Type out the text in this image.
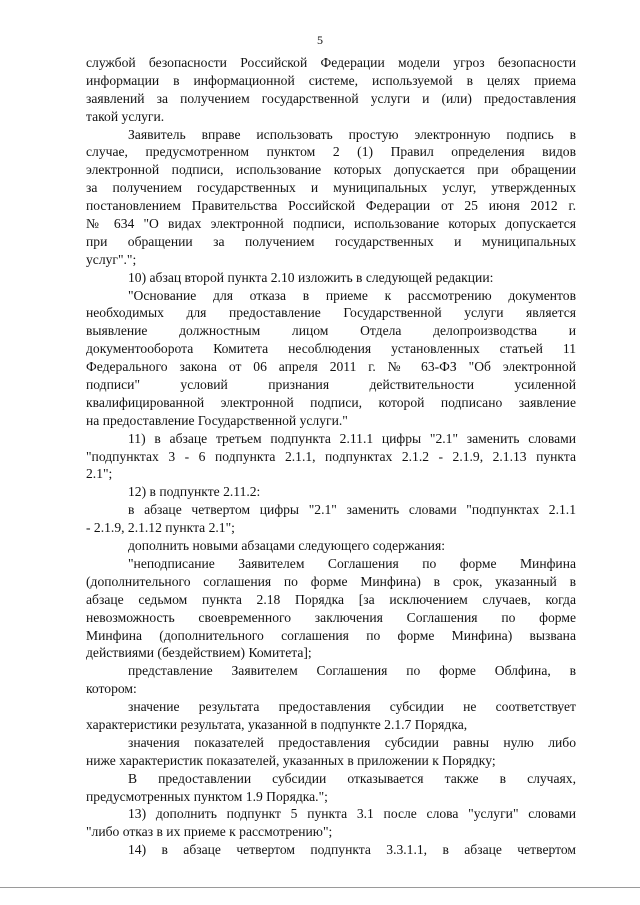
5
службой безопасности Российской Федерации модели угроз безопасности
информации в информационной системе, используемой в целях приема
заявлений за получением государственной услуги и (или) предоставления
такой услуги.
Заявитель вправе использовать простую электронную подпись в
случае, предусмотренном пунктом 2 (1) Правил определения видов
электронной подписи, использование которых допускается при обращении
за получением государственных и муниципальных услуг, утвержденных
постановлением Правительства Российской Федерации от 25 июня 2012 г.
№ 634 "О видах электронной подписи, использование которых допускается
при обращении за получением государственных и муниципальных
услуг".";
10) абзац второй пункта 2.10 изложить в следующей редакции:
"Основание для отказа в приеме к рассмотрению документов
необходимых для предоставление Государственной услуги является
выявление должностным лицом Отдела делопроизводства и
документооборота Комитета несоблюдения установленных статьей 11
Федерального закона от 06 апреля 2011 г. № 63-ФЗ "Об электронной
подписи" условий признания действительности усиленной
квалифицированной электронной подписи, которой подписано заявление
на предоставление Государственной услуги."
11) в абзаце третьем подпункта 2.11.1 цифры "2.1" заменить словами
"подпунктах 3 - 6 подпункта 2.1.1, подпунктах 2.1.2 - 2.1.9, 2.1.13 пункта
2.1";
12) в подпункте 2.11.2:
в абзаце четвертом цифры "2.1" заменить словами "подпунктах 2.1.1
- 2.1.9, 2.1.12 пункта 2.1";
дополнить новыми абзацами следующего содержания:
"неподписание Заявителем Соглашения по форме Минфина
(дополнительного соглашения по форме Минфина) в срок, указанный в
абзаце седьмом пункта 2.18 Порядка [за исключением случаев, когда
невозможность своевременного заключения Соглашения по форме
Минфина (дополнительного соглашения по форме Минфина) вызвана
действиями (бездействием) Комитета];
представление Заявителем Соглашения по форме Облфина, в
котором:
значение результата предоставления субсидии не соответствует
характеристики результата, указанной в подпункте 2.1.7 Порядка,
значения показателей предоставления субсидии равны нулю либо
ниже характеристик показателей, указанных в приложении к Порядку;
В предоставлении субсидии отказывается также в случаях,
предусмотренных пунктом 1.9 Порядка.";
13) дополнить подпункт 5 пункта 3.1 после слова "услуги" словами
"либо отказ в их приеме к рассмотрению";
14) в абзаце четвертом подпункта 3.3.1.1, в абзаце четвертом
